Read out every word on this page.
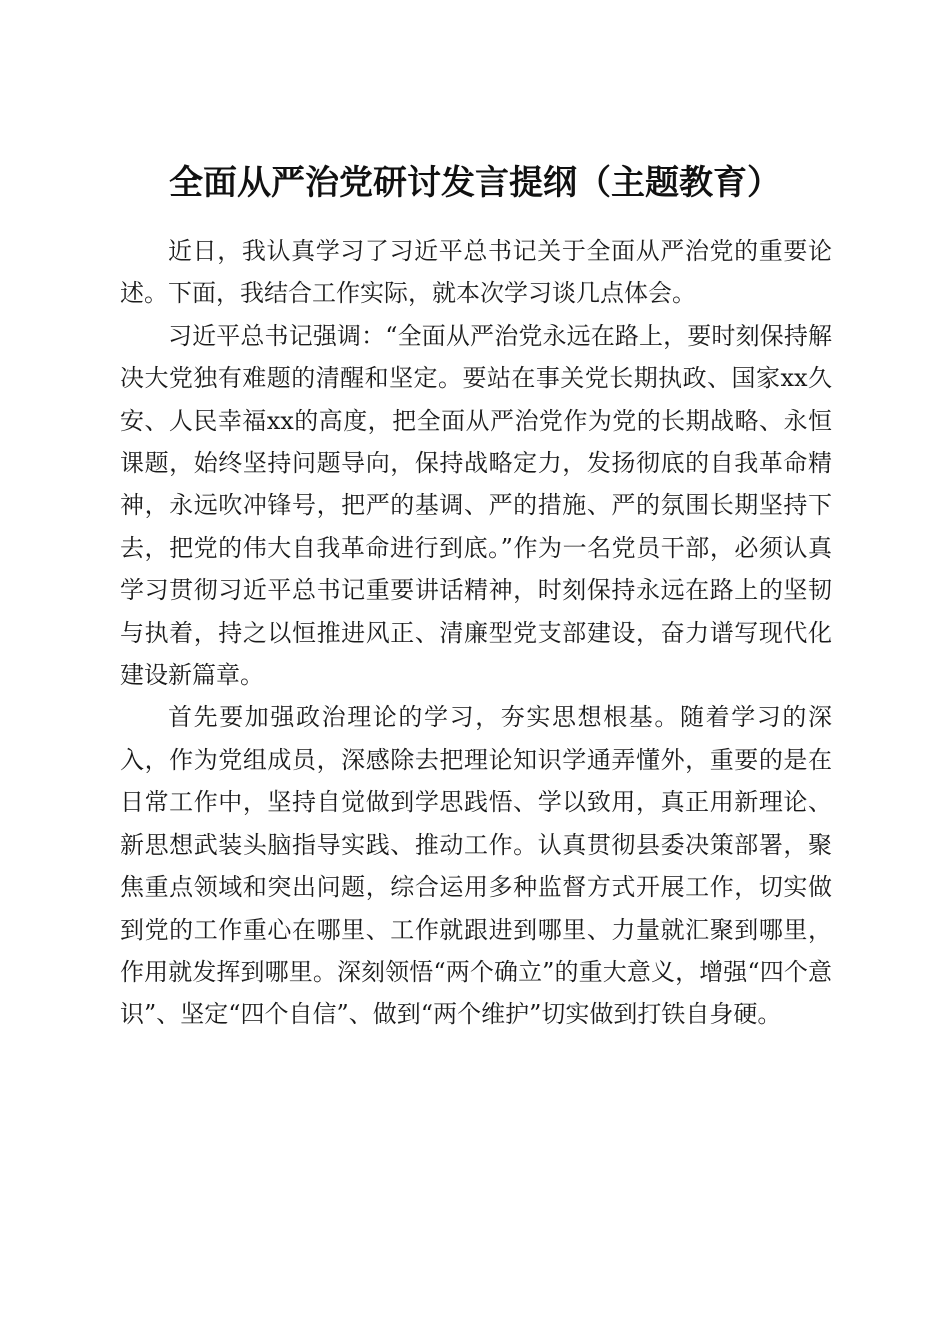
全面从严治党研讨发言提纲（主题教育）

近日，我认真学习了习近平总书记关于全面从严治党的重要论述。下面，我结合工作实际，就本次学习谈几点体会。

习近平总书记强调：“全面从严治党永远在路上，要时刻保持解决大党独有难题的清醒和坚定。要站在事关党长期执政、国家xx久安、人民幸福xx的高度，把全面从严治党作为党的长期战略、永恒课题，始终坚持问题导向，保持战略定力，发扬彻底的自我革命精神，永远吹冲锋号，把严的基调、严的措施、严的氛围长期坚持下去，把党的伟大自我革命进行到底。”作为一名党员干部，必须认真学习贯彻习近平总书记重要讲话精神，时刻保持永远在路上的坚韧与执着，持之以恒推进风正、清廉型党支部建设，奋力谱写现代化建设新篇章。

首先要加强政治理论的学习，夯实思想根基。随着学习的深入，作为党组成员，深感除去把理论知识学通弄懂外，重要的是在日常工作中，坚持自觉做到学思践悟、学以致用，真正用新理论、新思想武装头脑指导实践、推动工作。认真贯彻县委决策部署，聚焦重点领域和突出问题，综合运用多种监督方式开展工作，切实做到党的工作重心在哪里、工作就跟进到哪里、力量就汇聚到哪里，作用就发挥到哪里。深刻领悟“两个确立”的重大意义，增强“四个意识”、坚定“四个自信”、做到“两个维护”切实做到打铁自身硬。
